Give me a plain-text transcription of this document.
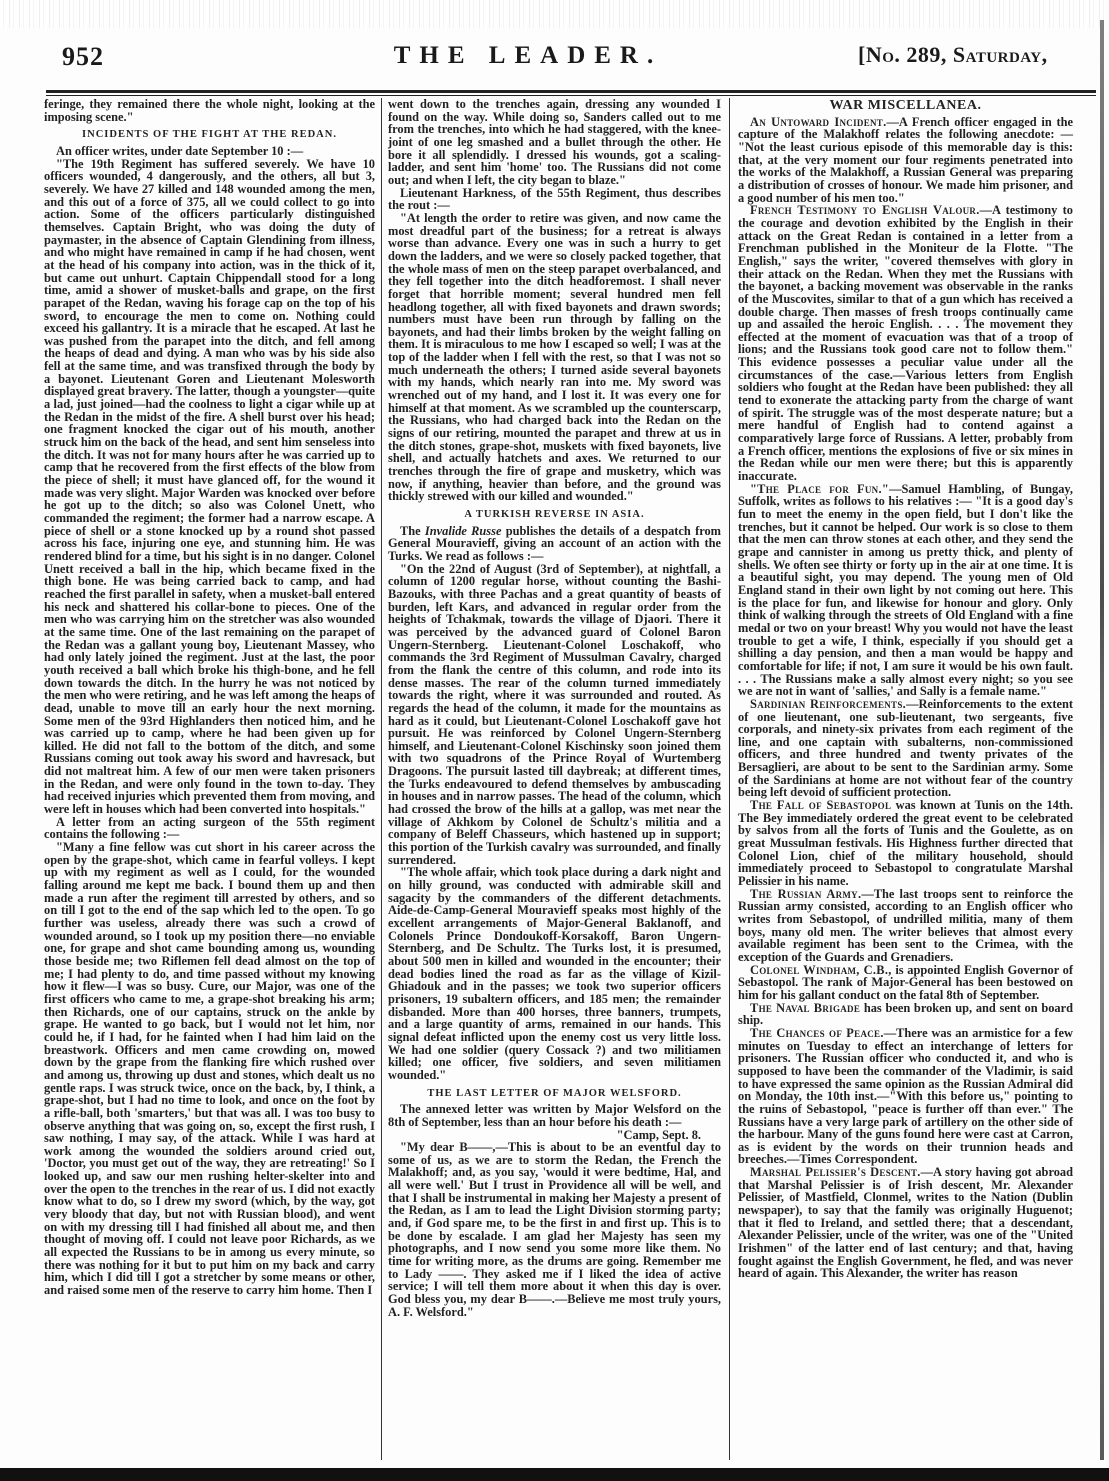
952	THE LEADER.	[No. 289, Saturday,

feringe, they remained there the whole night, looking at the imposing scene."

INCIDENTS OF THE FIGHT AT THE REDAN.

An officer writes, under date September 10 :—

"The 19th Regiment has suffered severely. We have 10 officers wounded, 4 dangerously, and the others, all but 3, severely. We have 27 killed and 148 wounded among the men, and this out of a force of 375, all we could collect to go into action. Some of the officers particularly distinguished themselves. Captain Bright, who was doing the duty of paymaster, in the absence of Captain Glendining from illness, and who might have remained in camp if he had chosen, went at the head of his company into action, was in the thick of it, but came out unhurt. Captain Chippendall stood for a long time, amid a shower of musket-balls and grape, on the first parapet of the Redan, waving his forage cap on the top of his sword, to encourage the men to come on. Nothing could exceed his gallantry. It is a miracle that he escaped. At last he was pushed from the parapet into the ditch, and fell among the heaps of dead and dying. A man who was by his side also fell at the same time, and was transfixed through the body by a bayonet. Lieutenant Goren and Lieutenant Molesworth displayed great bravery. The latter, though a youngster—quite a lad, just joined—had the coolness to light a cigar while up at the Redan in the midst of the fire. A shell burst over his head; one fragment knocked the cigar out of his mouth, another struck him on the back of the head, and sent him senseless into the ditch. It was not for many hours after he was carried up to camp that he recovered from the first effects of the blow from the piece of shell; it must have glanced off, for the wound it made was very slight. Major Warden was knocked over before he got up to the ditch; so also was Colonel Unett, who commanded the regiment; the former had a narrow escape. A piece of shell or a stone knocked up by a round shot passed across his face, injuring one eye, and stunning him. He was rendered blind for a time, but his sight is in no danger. Colonel Unett received a ball in the hip, which became fixed in the thigh bone. He was being carried back to camp, and had reached the first parallel in safety, when a musket-ball entered his neck and shattered his collar-bone to pieces. One of the men who was carrying him on the stretcher was also wounded at the same time. One of the last remaining on the parapet of the Redan was a gallant young boy, Lieutenant Massey, who had only lately joined the regiment. Just at the last, the poor youth received a ball which broke his thigh-bone, and he fell down towards the ditch. In the hurry he was not noticed by the men who were retiring, and he was left among the heaps of dead, unable to move till an early hour the next morning. Some men of the 93rd Highlanders then noticed him, and he was carried up to camp, where he had been given up for killed. He did not fall to the bottom of the ditch, and some Russians coming out took away his sword and havresack, but did not maltreat him. A few of our men were taken prisoners in the Redan, and were only found in the town to-day. They had received injuries which prevented them from moving, and were left in houses which had been converted into hospitals."

A letter from an acting surgeon of the 55th regiment contains the following :—

"Many a fine fellow was cut short in his career across the open by the grape-shot, which came in fearful volleys. I kept up with my regiment as well as I could, for the wounded falling around me kept me back. I bound them up and then made a run after the regiment till arrested by others, and so on till I got to the end of the sap which led to the open. To go further was useless, already there was such a crowd of wounded around, so I took up my position there—no enviable one, for grape and shot came bounding among us, wounding those beside me; two Riflemen fell dead almost on the top of me; I had plenty to do, and time passed without my knowing how it flew—I was so busy. Cure, our Major, was one of the first officers who came to me, a grape-shot breaking his arm; then Richards, one of our captains, struck on the ankle by grape. He wanted to go back, but I would not let him, nor could he, if I had, for he fainted when I had him laid on the breastwork. Officers and men came crowding on, mowed down by the grape from the flanking fire which rushed over and among us, throwing up dust and stones, which dealt us no gentle raps. I was struck twice, once on the back, by, I think, a grape-shot, but I had no time to look, and once on the foot by a rifle-ball, both 'smarters,' but that was all. I was too busy to observe anything that was going on, so, except the first rush, I saw nothing, I may say, of the attack. While I was hard at work among the wounded the soldiers around cried out, 'Doctor, you must get out of the way, they are retreating!' So I looked up, and saw our men rushing helter-skelter into and over the open to the trenches in the rear of us. I did not exactly know what to do, so I drew my sword (which, by the way, got very bloody that day, but not with Russian blood), and went on with my dressing till I had finished all about me, and then thought of moving off. I could not leave poor Richards, as we all expected the Russians to be in among us every minute, so there was nothing for it but to put him on my back and carry him, which I did till I got a stretcher by some means or other, and raised some men of the reserve to carry him home. Then I

went down to the trenches again, dressing any wounded I found on the way. While doing so, Sanders called out to me from the trenches, into which he had staggered, with the knee-joint of one leg smashed and a bullet through the other. He bore it all splendidly. I dressed his wounds, got a scaling-ladder, and sent him 'home' too. The Russians did not come out; and when I left, the city began to blaze."

Lieutenant Harkness, of the 55th Regiment, thus describes the rout :—

"At length the order to retire was given, and now came the most dreadful part of the business; for a retreat is always worse than advance. Every one was in such a hurry to get down the ladders, and we were so closely packed together, that the whole mass of men on the steep parapet overbalanced, and they fell together into the ditch headforemost. I shall never forget that horrible moment; several hundred men fell headlong together, all with fixed bayonets and drawn swords; numbers must have been run through by falling on the bayonets, and had their limbs broken by the weight falling on them. It is miraculous to me how I escaped so well; I was at the top of the ladder when I fell with the rest, so that I was not so much underneath the others; I turned aside several bayonets with my hands, which nearly ran into me. My sword was wrenched out of my hand, and I lost it. It was every one for himself at that moment. As we scrambled up the counterscarp, the Russians, who had charged back into the Redan on the signs of our retiring, mounted the parapet and threw at us in the ditch stones, grape-shot, muskets with fixed bayonets, live shell, and actually hatchets and axes. We returned to our trenches through the fire of grape and musketry, which was now, if anything, heavier than before, and the ground was thickly strewed with our killed and wounded."

A TURKISH REVERSE IN ASIA.

The Invalide Russe publishes the details of a despatch from General Mouravieff, giving an account of an action with the Turks. We read as follows :—

"On the 22nd of August (3rd of September), at nightfall, a column of 1200 regular horse, without counting the Bashi-Bazouks, with three Pachas and a great quantity of beasts of burden, left Kars, and advanced in regular order from the heights of Tchakmak, towards the village of Djaori. There it was perceived by the advanced guard of Colonel Baron Ungern-Sternberg. Lieutenant-Colonel Loschakoff, who commands the 3rd Regiment of Mussulman Cavalry, charged from the flank the centre of this column, and rode into its dense masses. The rear of the column turned immediately towards the right, where it was surrounded and routed. As regards the head of the column, it made for the mountains as hard as it could, but Lieutenant-Colonel Loschakoff gave hot pursuit. He was reinforced by Colonel Ungern-Sternberg himself, and Lieutenant-Colonel Kischinsky soon joined them with two squadrons of the Prince Royal of Wurtemberg Dragoons. The pursuit lasted till daybreak; at different times, the Turks endeavoured to defend themselves by ambuscading in houses and in narrow passes. The head of the column, which had crossed the brow of the hills at a gallop, was met near the village of Akhkom by Colonel de Schultz's militia and a company of Beleff Chasseurs, which hastened up in support; this portion of the Turkish cavalry was surrounded, and finally surrendered.

"The whole affair, which took place during a dark night and on hilly ground, was conducted with admirable skill and sagacity by the commanders of the different detachments. Aide-de-Camp-General Mouravieff speaks most highly of the excellent arrangements of Major-General Baklanoff, and Colonels Prince Dondoukoff-Korsakoff, Baron Ungern-Sternberg, and De Schultz. The Turks lost, it is presumed, about 500 men in killed and wounded in the encounter; their dead bodies lined the road as far as the village of Kizil-Ghiadouk and in the passes; we took two superior officers prisoners, 19 subaltern officers, and 185 men; the remainder disbanded. More than 400 horses, three banners, trumpets, and a large quantity of arms, remained in our hands. This signal defeat inflicted upon the enemy cost us very little loss. We had one soldier (query Cossack ?) and two militiamen killed; one officer, five soldiers, and seven militiamen wounded."

THE LAST LETTER OF MAJOR WELSFORD.

The annexed letter was written by Major Welsford on the 8th of September, less than an hour before his death :—

"Camp, Sept. 8.

"My dear B——,—This is about to be an eventful day to some of us, as we are to storm the Redan, the French the Malakhoff; and, as you say, 'would it were bedtime, Hal, and all were well.' But I trust in Providence all will be well, and that I shall be instrumental in making her Majesty a present of the Redan, as I am to lead the Light Division storming party; and, if God spare me, to be the first in and first up. This is to be done by escalade. I am glad her Majesty has seen my photographs, and I now send you some more like them. No time for writing more, as the drums are going. Remember me to Lady ——. They asked me if I liked the idea of active service; I will tell them more about it when this day is over. God bless you, my dear B——.—Believe me most truly yours, A. F. Welsford."

WAR MISCELLANEA.

An Untoward Incident.—A French officer engaged in the capture of the Malakhoff relates the following anecdote: — "Not the least curious episode of this memorable day is this: that, at the very moment our four regiments penetrated into the works of the Malakhoff, a Russian General was preparing a distribution of crosses of honour. We made him prisoner, and a good number of his men too."

French Testimony to English Valour.—A testimony to the courage and devotion exhibited by the English in their attack on the Great Redan is contained in a letter from a Frenchman published in the Moniteur de la Flotte. "The English," says the writer, "covered themselves with glory in their attack on the Redan. When they met the Russians with the bayonet, a backing movement was observable in the ranks of the Muscovites, similar to that of a gun which has received a double charge. Then masses of fresh troops continually came up and assailed the heroic English. . . . The movement they effected at the moment of evacuation was that of a troop of lions; and the Russians took good care not to follow them." This evidence possesses a peculiar value under all the circumstances of the case.—Various letters from English soldiers who fought at the Redan have been published: they all tend to exonerate the attacking party from the charge of want of spirit. The struggle was of the most desperate nature; but a mere handful of English had to contend against a comparatively large force of Russians. A letter, probably from a French officer, mentions the explosions of five or six mines in the Redan while our men were there; but this is apparently inaccurate.

"The Place for Fun."—Samuel Hambling, of Bungay, Suffolk, writes as follows to his relatives :— "It is a good day's fun to meet the enemy in the open field, but I don't like the trenches, but it cannot be helped. Our work is so close to them that the men can throw stones at each other, and they send the grape and cannister in among us pretty thick, and plenty of shells. We often see thirty or forty up in the air at one time. It is a beautiful sight, you may depend. The young men of Old England stand in their own light by not coming out here. This is the place for fun, and likewise for honour and glory. Only think of walking through the streets of Old England with a fine medal or two on your breast! Why you would not have the least trouble to get a wife, I think, especially if you should get a shilling a day pension, and then a man would be happy and comfortable for life; if not, I am sure it would be his own fault. . . . The Russians make a sally almost every night; so you see we are not in want of 'sallies,' and Sally is a female name."

Sardinian Reinforcements.—Reinforcements to the extent of one lieutenant, one sub-lieutenant, two sergeants, five corporals, and ninety-six privates from each regiment of the line, and one captain with subalterns, non-commissioned officers, and three hundred and twenty privates of the Bersaglieri, are about to be sent to the Sardinian army. Some of the Sardinians at home are not without fear of the country being left devoid of sufficient protection.

The Fall of Sebastopol was known at Tunis on the 14th. The Bey immediately ordered the great event to be celebrated by salvos from all the forts of Tunis and the Goulette, as on great Mussulman festivals. His Highness further directed that Colonel Lion, chief of the military household, should immediately proceed to Sebastopol to congratulate Marshal Pelissier in his name.

The Russian Army.—The last troops sent to reinforce the Russian army consisted, according to an English officer who writes from Sebastopol, of undrilled militia, many of them boys, many old men. The writer believes that almost every available regiment has been sent to the Crimea, with the exception of the Guards and Grenadiers.

Colonel Windham, C.B., is appointed English Governor of Sebastopol. The rank of Major-General has been bestowed on him for his gallant conduct on the fatal 8th of September.

The Naval Brigade has been broken up, and sent on board ship.

The Chances of Peace.—There was an armistice for a few minutes on Tuesday to effect an interchange of letters for prisoners. The Russian officer who conducted it, and who is supposed to have been the commander of the Vladimir, is said to have expressed the same opinion as the Russian Admiral did on Monday, the 10th inst.—"With this before us," pointing to the ruins of Sebastopol, "peace is further off than ever." The Russians have a very large park of artillery on the other side of the harbour. Many of the guns found here were cast at Carron, as is evident by the words on their trunnion heads and breeches.—Times Correspondent.

Marshal Pelissier's Descent.—A story having got abroad that Marshal Pelissier is of Irish descent, Mr. Alexander Pelissier, of Mastfield, Clonmel, writes to the Nation (Dublin newspaper), to say that the family was originally Huguenot; that it fled to Ireland, and settled there; that a descendant, Alexander Pelissier, uncle of the writer, was one of the "United Irishmen" of the latter end of last century; and that, having fought against the English Government, he fled, and was never heard of again. This Alexander, the writer has reason
